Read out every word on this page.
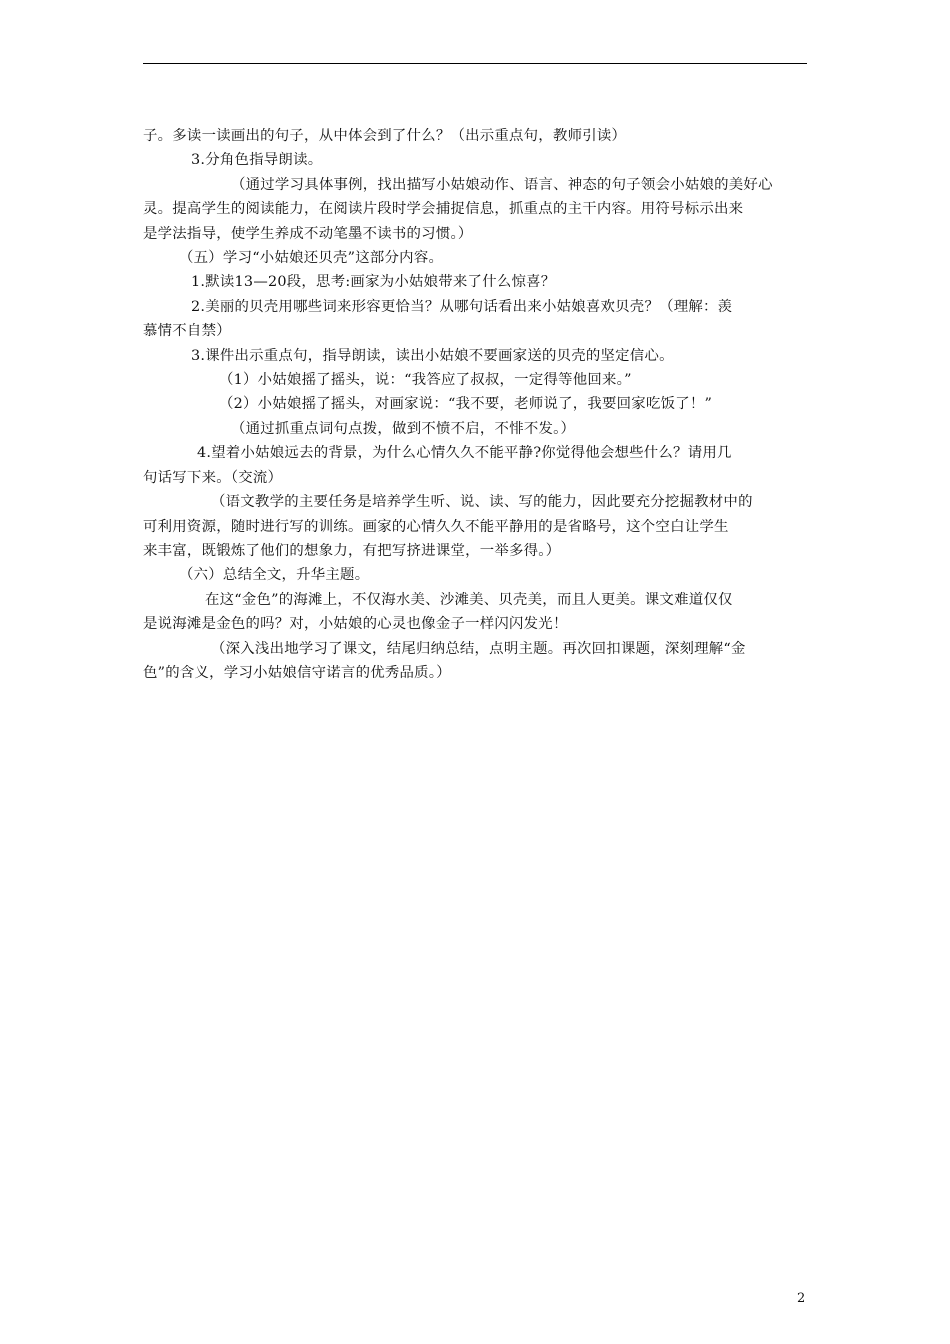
子。多读一读画出的句子，从中体会到了什么？（出示重点句，教师引读）

3.分角色指导朗读。

（通过学习具体事例，找出描写小姑娘动作、语言、神态的句子领会小姑娘的美好心

灵。提高学生的阅读能力，在阅读片段时学会捕捉信息，抓重点的主干内容。用符号标示出来

是学法指导，使学生养成不动笔墨不读书的习惯。）

（五）学习“小姑娘还贝壳”这部分内容。

1.默读13—20段，思考:画家为小姑娘带来了什么惊喜？

2.美丽的贝壳用哪些词来形容更恰当？从哪句话看出来小姑娘喜欢贝壳？（理解：羡

慕情不自禁）

3.课件出示重点句，指导朗读，读出小姑娘不要画家送的贝壳的坚定信心。

（1）小姑娘摇了摇头，说：“我答应了叔叔，一定得等他回来。”

（2）小姑娘摇了摇头，对画家说：“我不要，老师说了，我要回家吃饭了！”

（通过抓重点词句点拨，做到不愤不启，不悱不发。）

4.望着小姑娘远去的背景，为什么心情久久不能平静?你觉得他会想些什么？请用几

句话写下来。（交流）

（语文教学的主要任务是培养学生听、说、读、写的能力，因此要充分挖掘教材中的

可利用资源，随时进行写的训练。画家的心情久久不能平静用的是省略号，这个空白让学生

来丰富，既锻炼了他们的想象力，有把写挤进课堂，一举多得。）

（六）总结全文，升华主题。

在这“金色”的海滩上，不仅海水美、沙滩美、贝壳美，而且人更美。课文难道仅仅

是说海滩是金色的吗？对，小姑娘的心灵也像金子一样闪闪发光！

（深入浅出地学习了课文，结尾归纳总结，点明主题。再次回扣课题，深刻理解“金

色”的含义，学习小姑娘信守诺言的优秀品质。）

2
